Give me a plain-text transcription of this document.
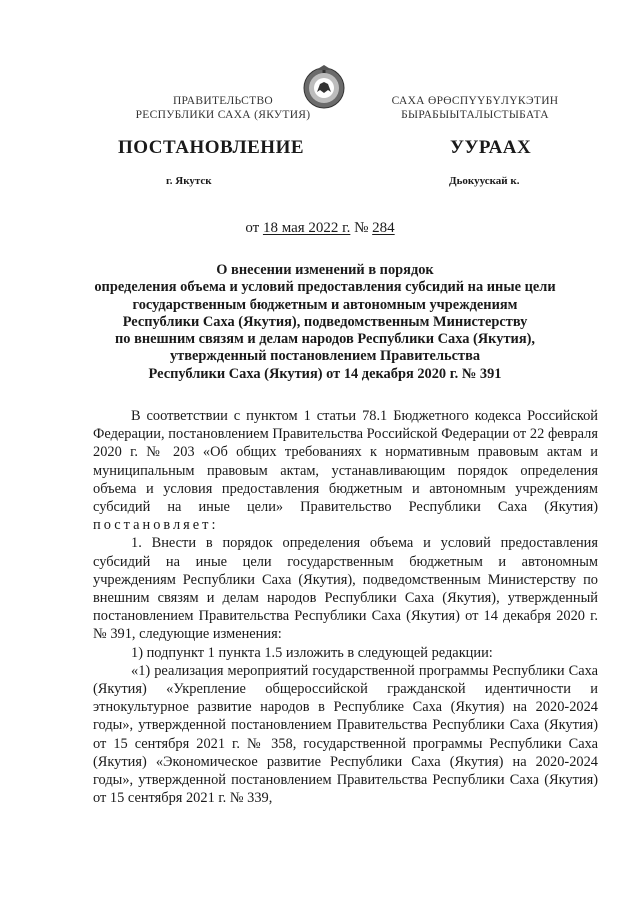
ПРАВИТЕЛЬСТВО
РЕСПУБЛИКИ САХА (ЯКУТИЯ)
САХА ӨРӨСПҮҮБҮЛҮКЭТИН
БЫРАБЫЫТАЛЫСТЫБАТА
ПОСТАНОВЛЕНИЕ	УУРААХ
г. Якутск	Дьокуускай к.
от 18 мая 2022 г. № 284
О внесении изменений в порядок
определения объема и условий предоставления субсидий на иные цели
государственным бюджетным и автономным учреждениям
Республики Саха (Якутия), подведомственным Министерству
по внешним связям и делам народов Республики Саха (Якутия),
утвержденный постановлением Правительства
Республики Саха (Якутия) от 14 декабря 2020 г. № 391

В соответствии с пунктом 1 статьи 78.1 Бюджетного кодекса Российской Федерации, постановлением Правительства Российской Федерации от 22 февраля 2020 г. № 203 «Об общих требованиях к нормативным правовым актам и муниципальным правовым актам, устанавливающим порядок определения объема и условия предоставления бюджетным и автономным учреждениям субсидий на иные цели» Правительство Республики Саха (Якутия) постановляет:

1. Внести в порядок определения объема и условий предоставления субсидий на иные цели государственным бюджетным и автономным учреждениям Республики Саха (Якутия), подведомственным Министерству по внешним связям и делам народов Республики Саха (Якутия), утвержденный постановлением Правительства Республики Саха (Якутия) от 14 декабря 2020 г. № 391, следующие изменения:

1) подпункт 1 пункта 1.5 изложить в следующей редакции:

«1) реализация мероприятий государственной программы Республики Саха (Якутия) «Укрепление общероссийской гражданской идентичности и этнокультурное развитие народов в Республике Саха (Якутия) на 2020-2024 годы», утвержденной постановлением Правительства Республики Саха (Якутия) от 15 сентября 2021 г. № 358, государственной программы Республики Саха (Якутия) «Экономическое развитие Республики Саха (Якутия) на 2020-2024 годы», утвержденной постановлением Правительства Республики Саха (Якутия) от 15 сентября 2021 г. № 339,
